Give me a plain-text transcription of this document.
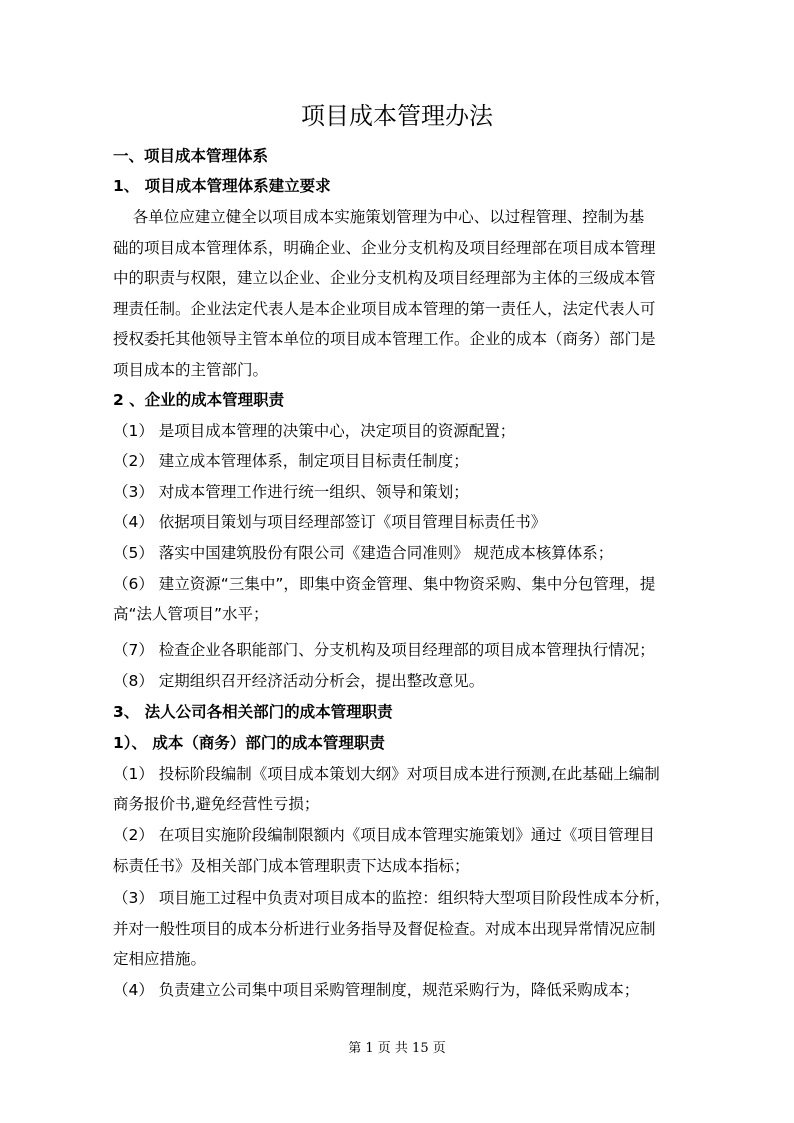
项目成本管理办法

一、项目成本管理体系

1、 项目成本管理体系建立要求

各单位应建立健全以项目成本实施策划管理为中心、以过程管理、控制为基

础的项目成本管理体系，明确企业、企业分支机构及项目经理部在项目成本管理

中的职责与权限，建立以企业、企业分支机构及项目经理部为主体的三级成本管

理责任制。企业法定代表人是本企业项目成本管理的第一责任人，法定代表人可

授权委托其他领导主管本单位的项目成本管理工作。企业的成本（商务）部门是

项目成本的主管部门。

2 、企业的成本管理职责

（1） 是项目成本管理的决策中心，决定项目的资源配置；

（2） 建立成本管理体系，制定项目目标责任制度；

（3） 对成本管理工作进行统一组织、领导和策划；

（4） 依据项目策划与项目经理部签订《项目管理目标责任书》

（5） 落实中国建筑股份有限公司《建造合同准则》 规范成本核算体系；

（6） 建立资源“三集中”，即集中资金管理、集中物资采购、集中分包管理，提

高“法人管项目”水平；

（7） 检查企业各职能部门、分支机构及项目经理部的项目成本管理执行情况；

（8） 定期组织召开经济活动分析会，提出整改意见。

3、 法人公司各相关部门的成本管理职责

1）、 成本（商务）部门的成本管理职责

（1） 投标阶段编制《项目成本策划大纲》对项目成本进行预测,在此基础上编制

商务报价书,避免经营性亏损；

（2） 在项目实施阶段编制限额内《项目成本管理实施策划》通过《项目管理目

标责任书》及相关部门成本管理职责下达成本指标；

（3） 项目施工过程中负责对项目成本的监控：组织特大型项目阶段性成本分析，

并对一般性项目的成本分析进行业务指导及督促检查。对成本出现异常情况应制

定相应措施。

（4） 负责建立公司集中项目采购管理制度，规范采购行为，降低采购成本；

第 1 页 共 15 页
